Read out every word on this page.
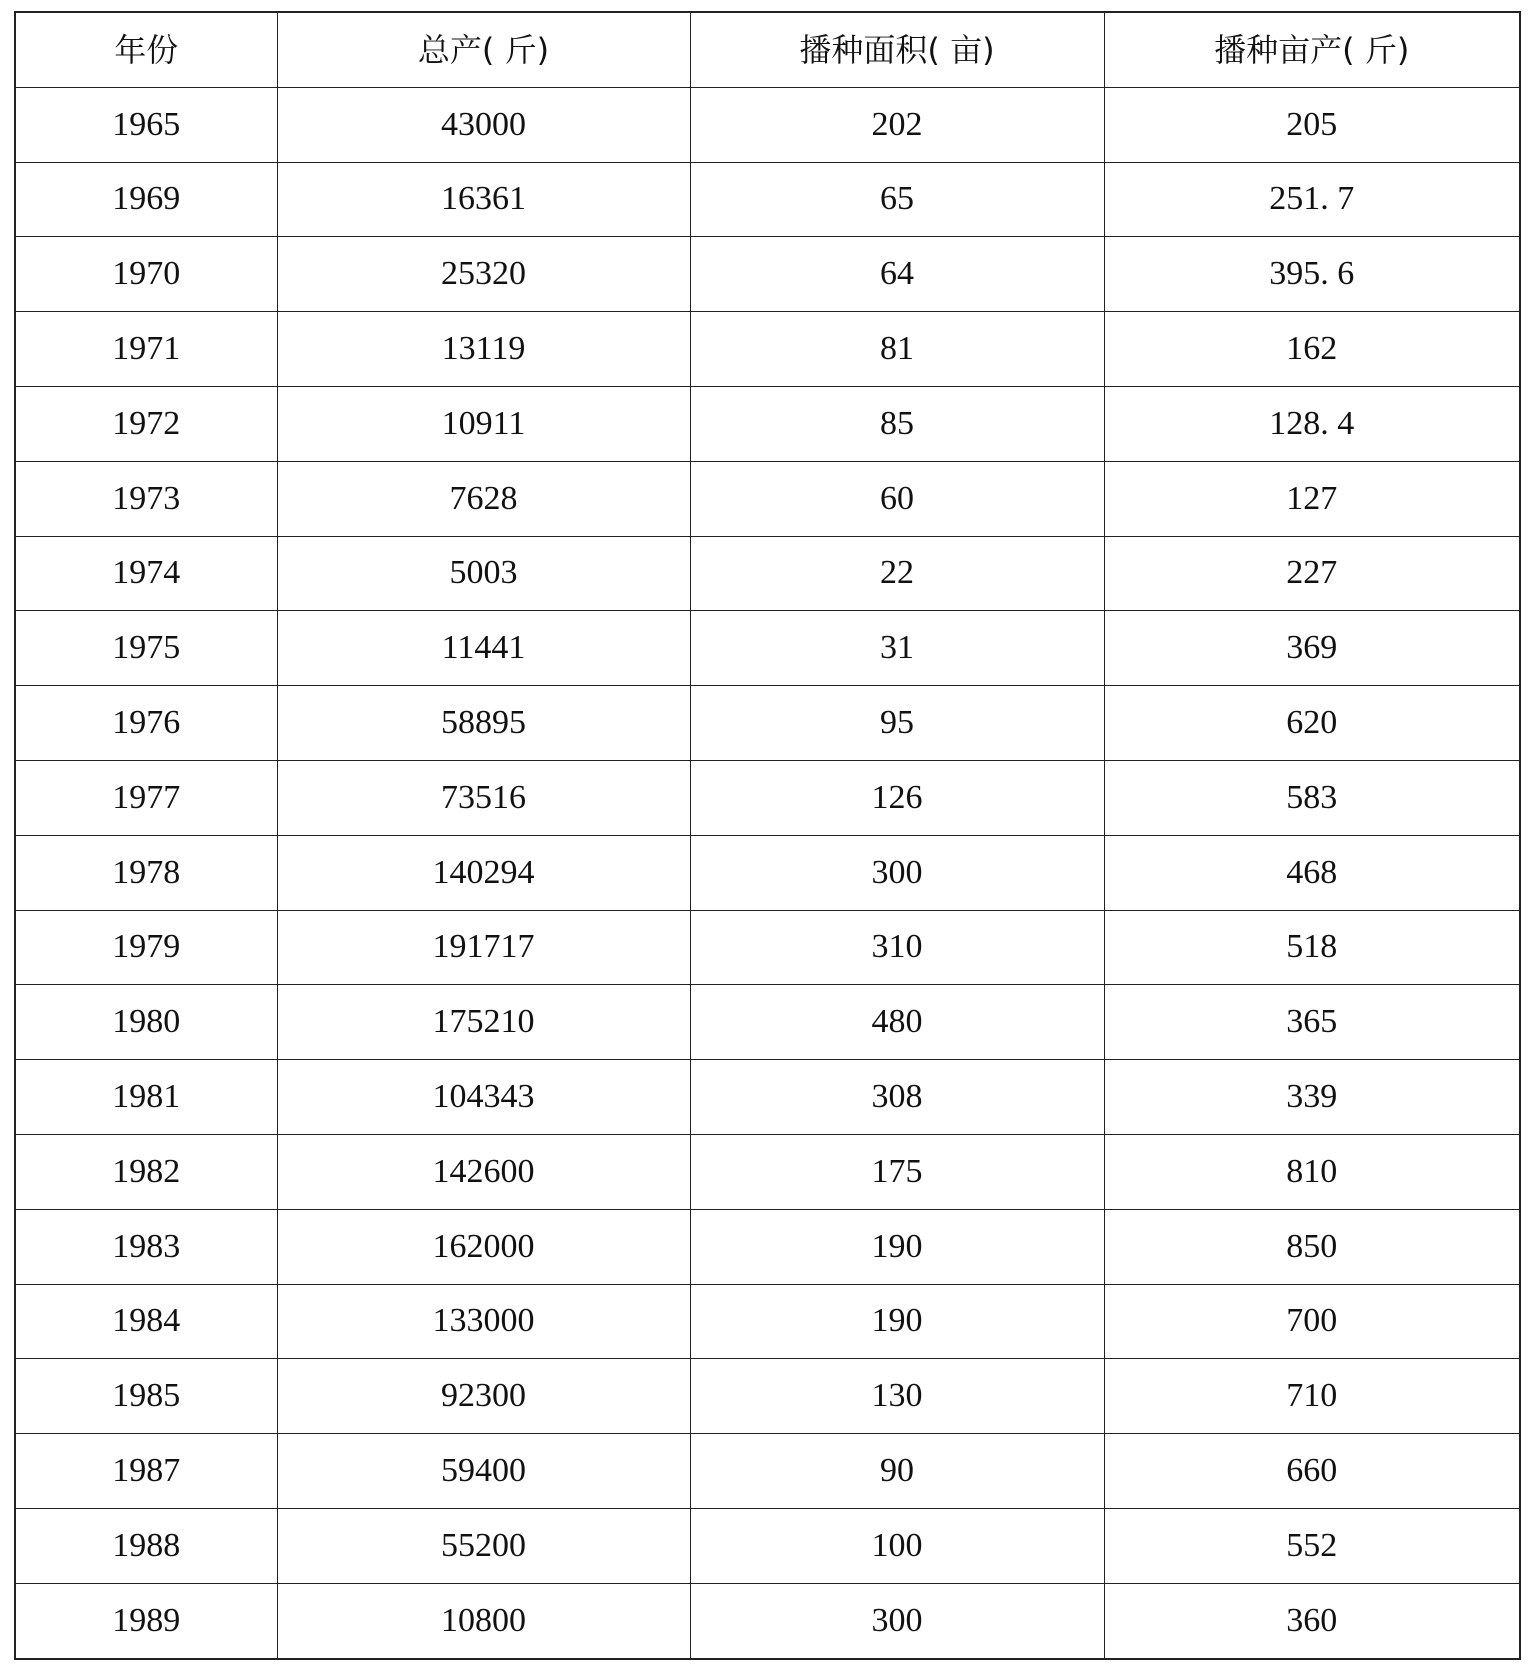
年份	总产( 斤)	播种面积( 亩)	播种亩产( 斤)
1965	43000	202	205
1969	16361	65	251. 7
1970	25320	64	395. 6
1971	13119	81	162
1972	10911	85	128. 4
1973	7628	60	127
1974	5003	22	227
1975	11441	31	369
1976	58895	95	620
1977	73516	126	583
1978	140294	300	468
1979	191717	310	518
1980	175210	480	365
1981	104343	308	339
1982	142600	175	810
1983	162000	190	850
1984	133000	190	700
1985	92300	130	710
1987	59400	90	660
1988	55200	100	552
1989	10800	300	360
